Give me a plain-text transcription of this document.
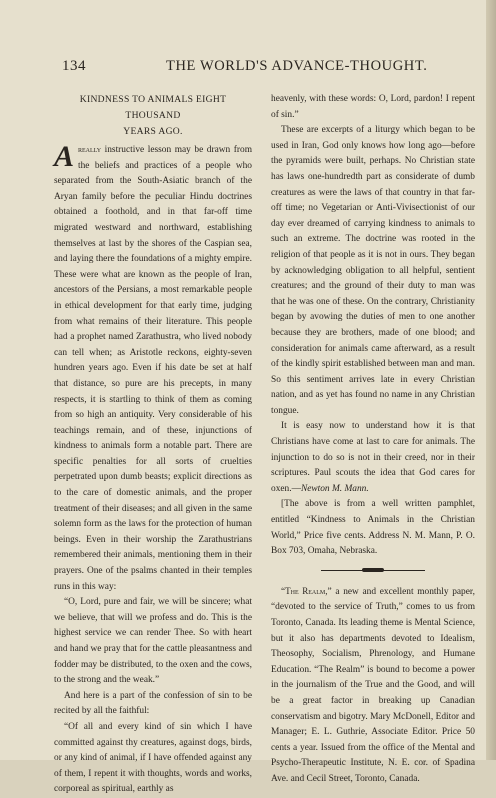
134	THE WORLD'S ADVANCE-THOUGHT.
KINDNESS TO ANIMALS EIGHT THOUSAND
YEARS AGO.

Areally instructive lesson may be drawn from the beliefs and practices of a people who separated from the South-Asiatic branch of the Aryan family before the peculiar Hindu doctrines obtained a foothold, and in that far-off time migrated westward and northward, establishing themselves at last by the shores of the Caspian sea, and laying there the foundations of a mighty empire. These were what are known as the people of Iran, ancestors of the Persians, a most remarkable people in ethical development for that early time, judging from what remains of their literature. This people had a prophet named Zarathustra, who lived nobody can tell when; as Aristotle reckons, eighty-seven hundren years ago. Even if his date be set at half that distance, so pure are his precepts, in many respects, it is startling to think of them as coming from so high an antiquity. Very considerable of his teachings remain, and of these, injunctions of kindness to animals form a notable part. There are specific penalties for all sorts of cruelties perpetrated upon dumb beasts; explicit directions as to the care of domestic animals, and the proper treatment of their diseases; and all given in the same solemn form as the laws for the protection of human beings. Even in their worship the Zarathustrians remembered their animals, mentioning them in their prayers. One of the psalms chanted in their temples runs in this way:

“O, Lord, pure and fair, we will be sincere; what we believe, that will we profess and do. This is the highest service we can render Thee. So with heart and hand we pray that for the cattle pleasantness and fodder may be distributed, to the oxen and the cows, to the strong and the weak.”

And here is a part of the confession of sin to be recited by all the faithful:

“Of all and every kind of sin which I have committed against thy creatures, against dogs, birds, or any kind of animal, if I have offended against any of them, I repent it with thoughts, words and works, corporeal as spiritual, earthly as

heavenly, with these words: O, Lord, pardon! I repent of sin.”

These are excerpts of a liturgy which began to be used in Iran, God only knows how long ago—before the pyramids were built, perhaps. No Christian state has laws one-hundredth part as considerate of dumb creatures as were the laws of that country in that far-off time; no Vegetarian or Anti-Vivisectionist of our day ever dreamed of carrying kindness to animals to such an extreme. The doctrine was rooted in the religion of that people as it is not in ours. They began by acknowledging obligation to all helpful, sentient creatures; and the ground of their duty to man was that he was one of these. On the contrary, Christianity began by avowing the duties of men to one another because they are brothers, made of one blood; and consideration for animals came afterward, as a result of the kindly spirit established between man and man. So this sentiment arrives late in every Christian nation, and as yet has found no name in any Christian tongue.

It is easy now to understand how it is that Christians have come at last to care for animals. The injunction to do so is not in their creed, nor in their scriptures. Paul scouts the idea that God cares for oxen.—Newton M. Mann.

[The above is from a well written pamphlet, entitled “Kindness to Animals in the Christian World,” Price five cents. Address N. M. Mann, P. O. Box 703, Omaha, Nebraska.

“The Realm,” a new and excellent monthly paper, “devoted to the service of Truth,” comes to us from Toronto, Canada. Its leading theme is Mental Science, but it also has departments devoted to Idealism, Theosophy, Socialism, Phrenology, and Humane Education. “The Realm” is bound to become a power in the journalism of the True and the Good, and will be a great factor in breaking up Canadian conservatism and bigotry. Mary McDonell, Editor and Manager; E. L. Guthrie, Associate Editor. Price 50 cents a year. Issued from the office of the Mental and Psycho-Therapeutic Institute, N. E. cor. of Spadina Ave. and Cecil Street, Toronto, Canada.
